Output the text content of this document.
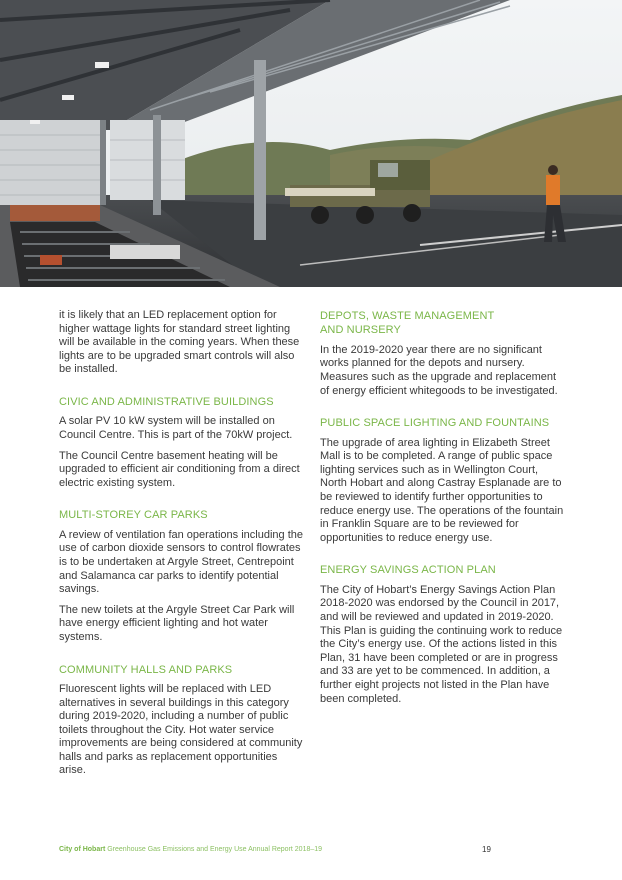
it is likely that an LED replacement option for higher wattage lights for standard street lighting will be available in the coming years. When these lights are to be upgraded smart controls will also be installed.

CIVIC AND ADMINISTRATIVE BUILDINGS

A solar PV 10 kW system will be installed on Council Centre. This is part of the 70kW project.

The Council Centre basement heating will be upgraded to efficient air conditioning from a direct electric existing system.

MULTI-STOREY CAR PARKS

A review of ventilation fan operations including the use of carbon dioxide sensors to control flowrates is to be undertaken at Argyle Street, Centrepoint and Salamanca car parks to identify potential savings.

The new toilets at the Argyle Street Car Park will have energy efficient lighting and hot water systems.

COMMUNITY HALLS AND PARKS

Fluorescent lights will be replaced with LED alternatives in several buildings in this category during 2019-2020, including a number of public toilets throughout the City. Hot water service improvements are being considered at community halls and parks as replacement opportunities arise.

DEPOTS, WASTE MANAGEMENT AND NURSERY

In the 2019-2020 year there are no significant works planned for the depots and nursery. Measures such as the upgrade and replacement of energy efficient whitegoods to be investigated.

PUBLIC SPACE LIGHTING AND FOUNTAINS

The upgrade of area lighting in Elizabeth Street Mall is to be completed. A range of public space lighting services such as in Wellington Court, North Hobart and along Castray Esplanade are to be reviewed to identify further opportunities to reduce energy use. The operations of the fountain in Franklin Square are to be reviewed for opportunities to reduce energy use.

ENERGY SAVINGS ACTION PLAN

The City of Hobart’s Energy Savings Action Plan 2018-2020 was endorsed by the Council in 2017, and will be reviewed and updated in 2019-2020. This Plan is guiding the continuing work to reduce the City’s energy use. Of the actions listed in this Plan, 31 have been completed or are in progress and 33 are yet to be commenced. In addition, a further eight projects not listed in the Plan have been completed.

City of Hobart Greenhouse Gas Emissions and Energy Use Annual Report 2018–19	19
